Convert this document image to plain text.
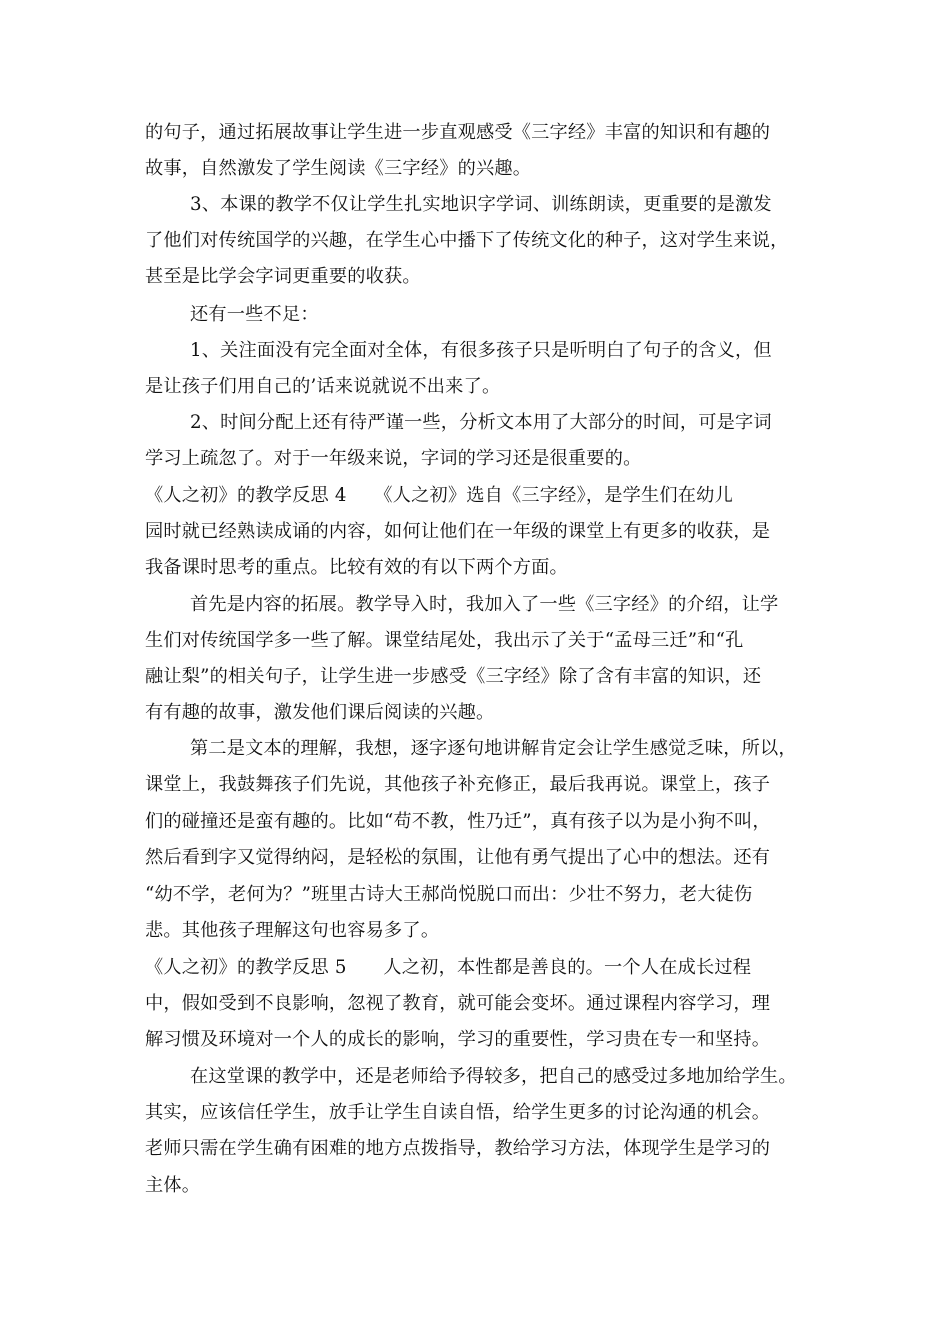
的句子，通过拓展故事让学生进一步直观感受《三字经》丰富的知识和有趣的
故事，自然激发了学生阅读《三字经》的兴趣。
3、本课的教学不仅让学生扎实地识字学词、训练朗读，更重要的是激发
了他们对传统国学的兴趣，在学生心中播下了传统文化的种子，这对学生来说，
甚至是比学会字词更重要的收获。
还有一些不足：
1、关注面没有完全面对全体，有很多孩子只是听明白了句子的含义，但
是让孩子们用自己的’话来说就说不出来了。
2、时间分配上还有待严谨一些，分析文本用了大部分的时间，可是字词
学习上疏忽了。对于一年级来说，字词的学习还是很重要的。
《人之初》的教学反思 4　　《人之初》选自《三字经》，是学生们在幼儿
园时就已经熟读成诵的内容，如何让他们在一年级的课堂上有更多的收获，是
我备课时思考的重点。比较有效的有以下两个方面。
首先是内容的拓展。教学导入时，我加入了一些《三字经》的介绍，让学
生们对传统国学多一些了解。课堂结尾处，我出示了关于“孟母三迁”和“孔
融让梨”的相关句子，让学生进一步感受《三字经》除了含有丰富的知识，还
有有趣的故事，激发他们课后阅读的兴趣。
第二是文本的理解，我想，逐字逐句地讲解肯定会让学生感觉乏味，所以，
课堂上，我鼓舞孩子们先说，其他孩子补充修正，最后我再说。课堂上，孩子
们的碰撞还是蛮有趣的。比如“苟不教，性乃迁”，真有孩子以为是小狗不叫，
然后看到字又觉得纳闷，是轻松的氛围，让他有勇气提出了心中的想法。还有
“幼不学，老何为？”班里古诗大王郝尚悦脱口而出：少壮不努力，老大徒伤
悲。其他孩子理解这句也容易多了。
《人之初》的教学反思 5　　人之初，本性都是善良的。一个人在成长过程
中，假如受到不良影响，忽视了教育，就可能会变坏。通过课程内容学习，理
解习惯及环境对一个人的成长的影响，学习的重要性，学习贵在专一和坚持。
在这堂课的教学中，还是老师给予得较多，把自己的感受过多地加给学生。
其实，应该信任学生，放手让学生自读自悟，给学生更多的讨论沟通的机会。
老师只需在学生确有困难的地方点拨指导，教给学习方法，体现学生是学习的
主体。
